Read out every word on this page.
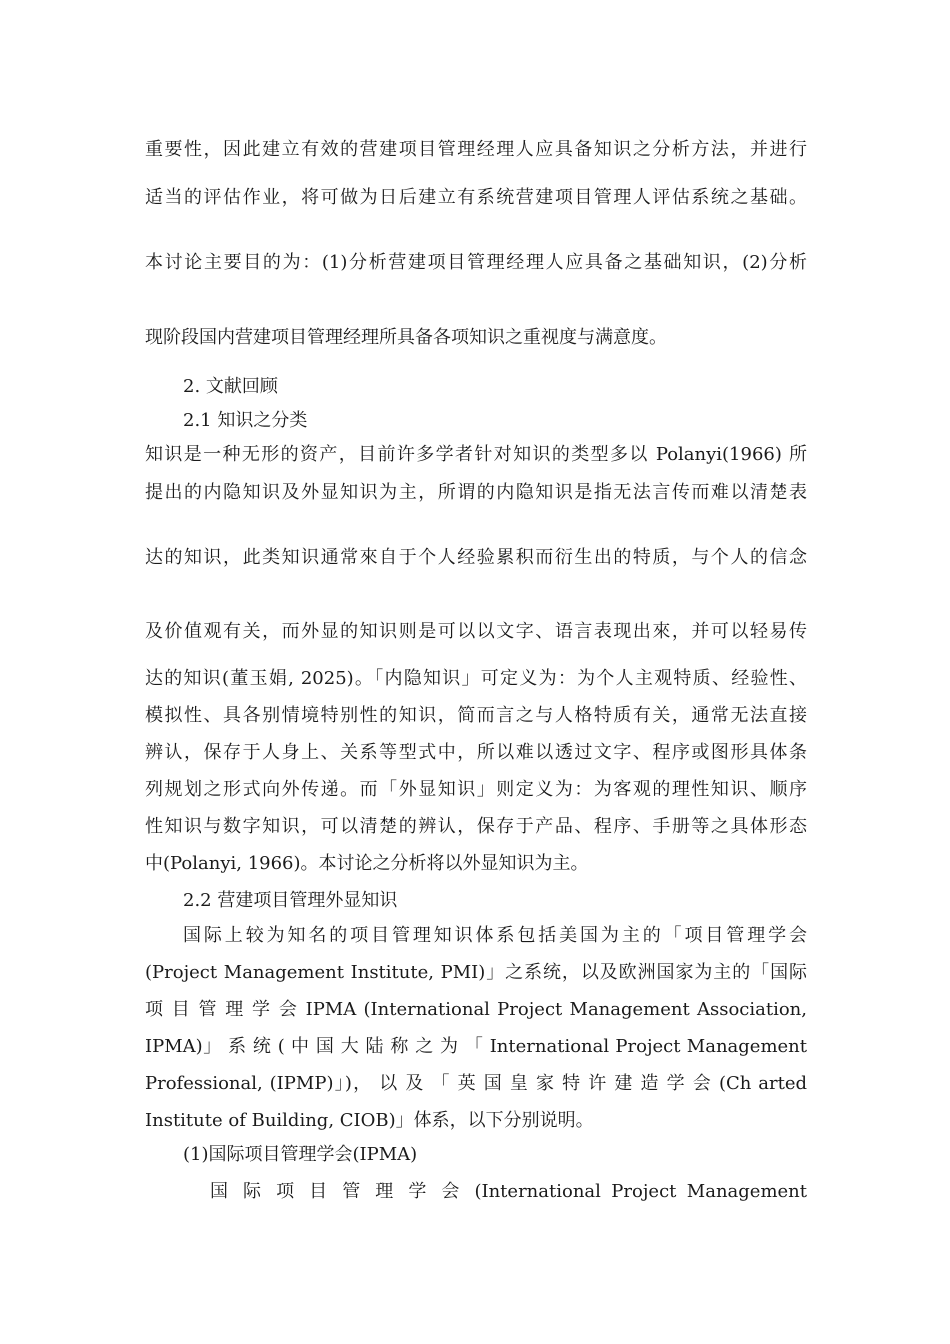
重要性，因此建立有效的营建项目管理经理人应具备知识之分析方法，并进行
适当的评估作业，将可做为日后建立有系统营建项目管理人评估系统之基础。
本讨论主要目的为：(1)分析营建项目管理经理人应具备之基础知识，(2)分析
现阶段国内营建项目管理经理所具备各项知识之重视度与满意度。
2. 文献回顾
2.1 知识之分类
知识是一种无形的资产，目前许多学者针对知识的类型多以 Polanyi(1966) 所
提出的内隐知识及外显知识为主，所谓的内隐知识是指无法言传而难以清楚表
达的知识，此类知识通常來自于个人经验累积而衍生出的特质，与个人的信念
及价值观有关，而外显的知识则是可以以文字、语言表现出來，并可以轻易传
达的知识(董玉娟, 2025)。「内隐知识」可定义为：为个人主观特质、经验性、
模拟性、具各别情境特别性的知识，简而言之与人格特质有关，通常无法直接
辨认，保存于人身上、关系等型式中，所以难以透过文字、程序或图形具体条
列规划之形式向外传递。而「外显知识」则定义为：为客观的理性知识、顺序
性知识与数字知识，可以清楚的辨认，保存于产品、程序、手册等之具体形态
中(Polanyi, 1966)。本讨论之分析将以外显知识为主。
2.2 营建项目管理外显知识
国际上较为知名的项目管理知识体系包括美国为主的「项目管理学会
(Project Management Institute, PMI)」之系统，以及欧洲国家为主的「国际
项 目 管 理 学 会 IPMA (International Project Management Association,
IPMA)」 系 统 ( 中 国 大 陆 称 之 为 「 International Project Management
Professional, (IPMP)」)， 以 及 「 英 国 皇 家 特 许 建 造 学 会 (Ch arted
Institute of Building, CIOB)」体系，以下分别说明。
(1)国际项目管理学会(IPMA)
国 际 项 目 管 理 学 会 (International Project Management
